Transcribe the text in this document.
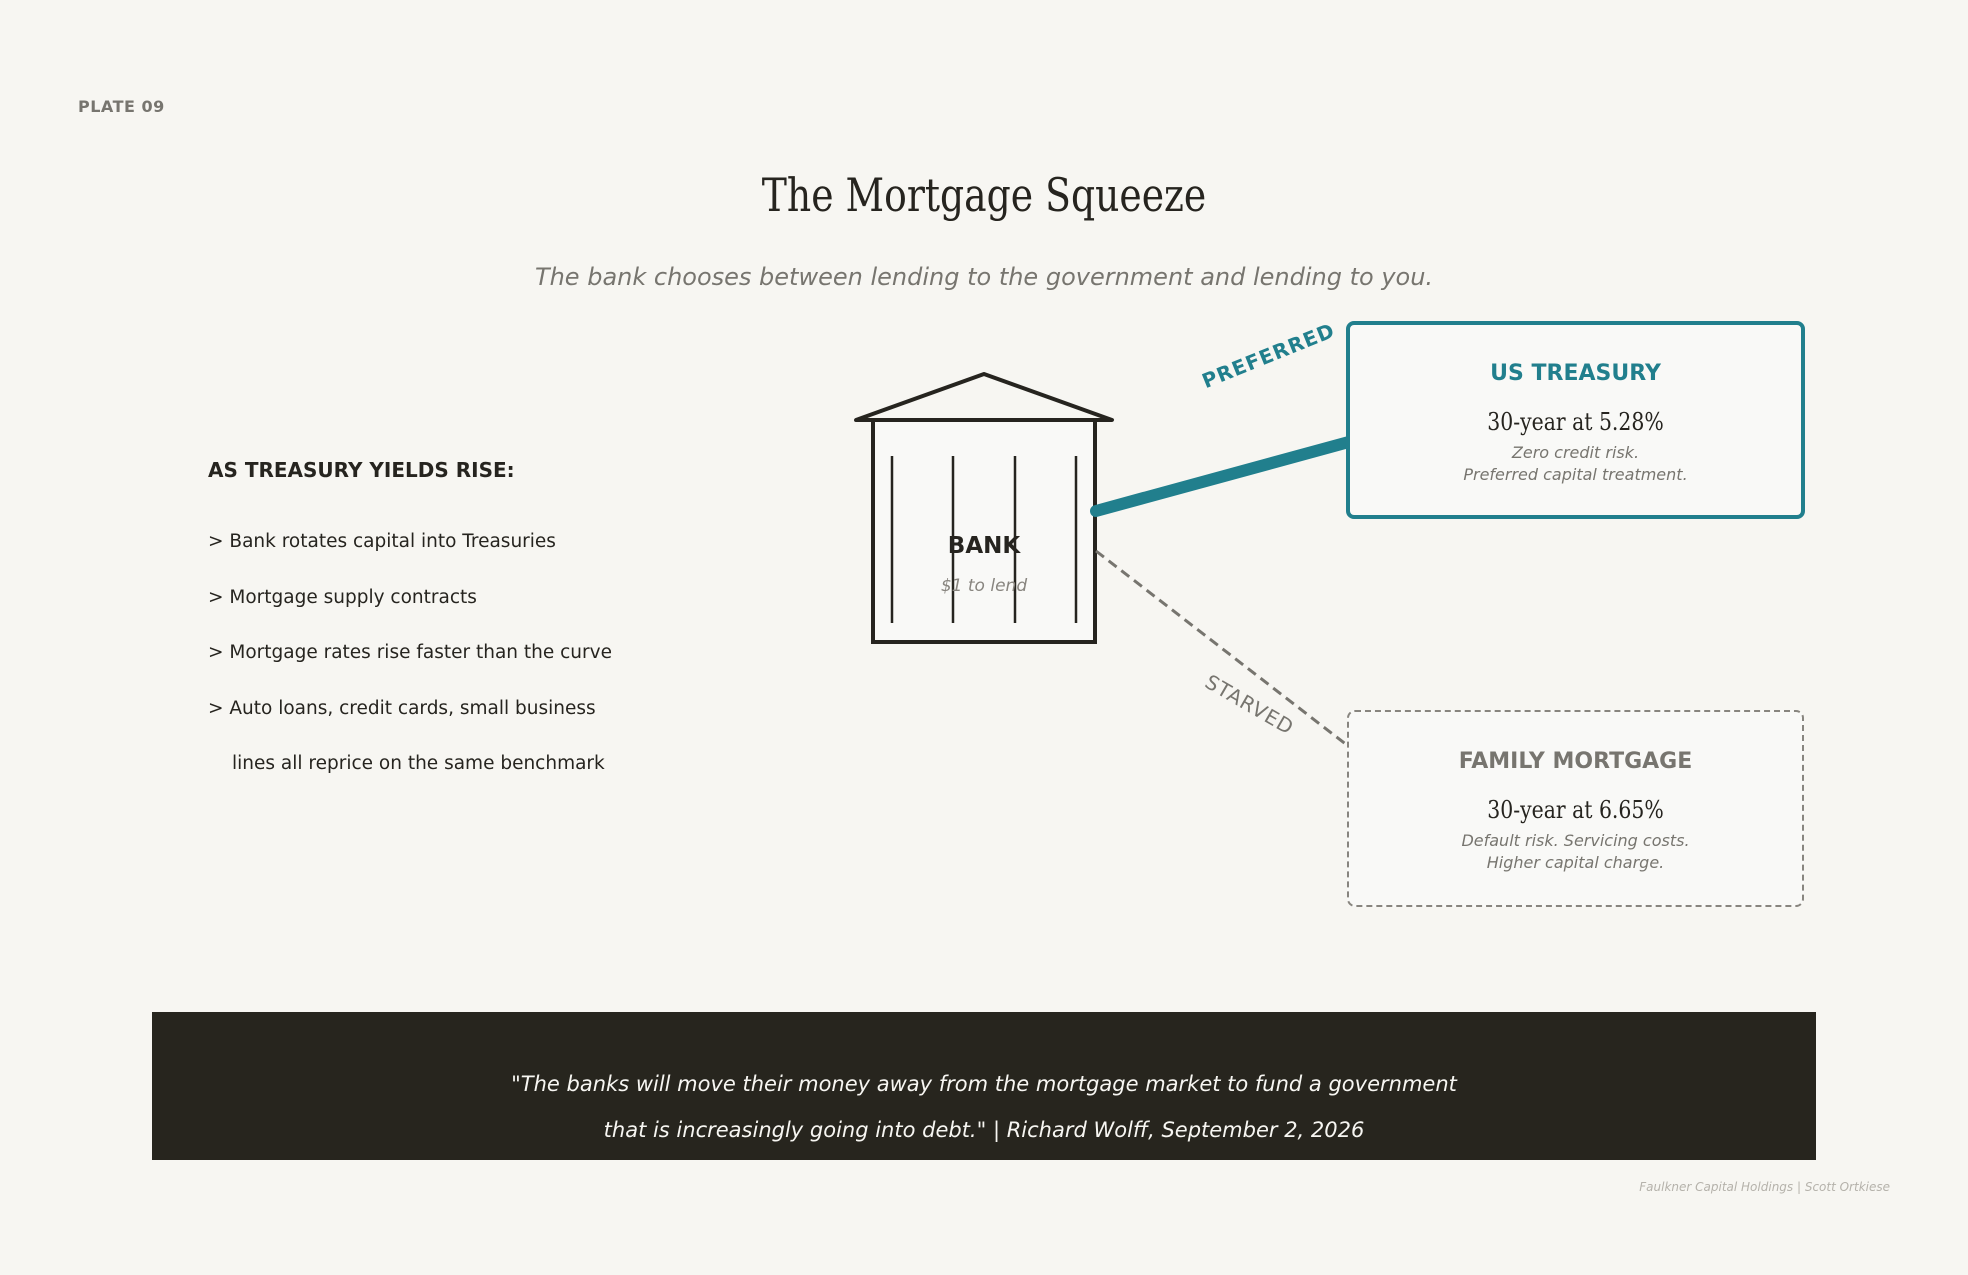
PLATE 09
The Mortgage Squeeze
The bank chooses between lending to the government and lending to you.
AS TREASURY YIELDS RISE:
> Bank rotates capital into Treasuries
> Mortgage supply contracts
> Mortgage rates rise faster than the curve
> Auto loans, credit cards, small business
lines all reprice on the same benchmark
BANK
$1 to lend
PREFERRED
STARVED
US TREASURY
30-year at 5.28%
Zero credit risk.
Preferred capital treatment.
FAMILY MORTGAGE
30-year at 6.65%
Default risk. Servicing costs.
Higher capital charge.
"The banks will move their money away from the mortgage market to fund a government
that is increasingly going into debt." | Richard Wolff, September 2, 2026
Faulkner Capital Holdings | Scott Ortkiese
